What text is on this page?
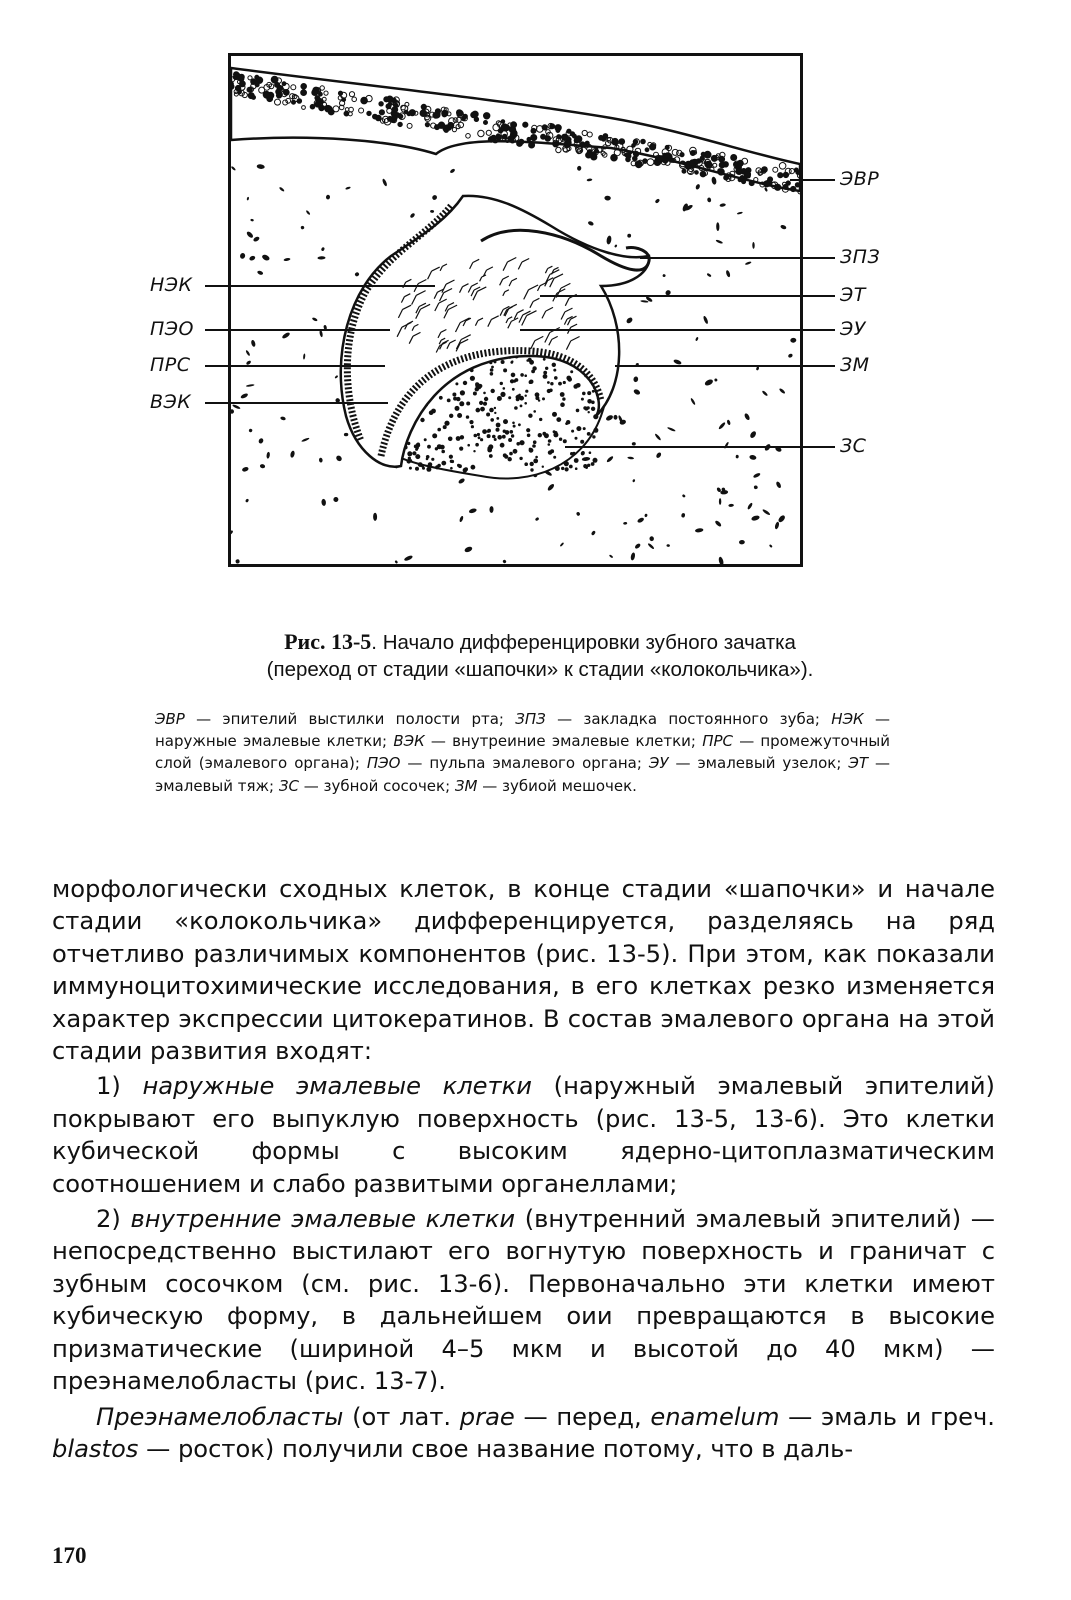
НЭК
ПЭО
ПРС
ВЭК
ЭВР
ЗПЗ
ЭТ
ЭУ
ЗМ
ЗС
Рис. 13-5. Начало дифференцировки зубного зачатка
(переход от стадии «шапочки» к стадии «колокольчика»).
ЭВР — эпителий выстилки полости рта; ЗПЗ — закладка постоянного зуба; НЭК — наружные эмалевые клетки; ВЭК — внутреиние эмалевые клетки; ПРС — промежуточный слой (эмалевого органа); ПЭО — пульпа эмалевого органа; ЭУ — эмалевый узелок; ЭТ — эмалевый тяж; ЗС — зубной сосочек; ЗМ — зубиой мешочек.

морфологически сходных клеток, в конце стадии «шапочки» и начале стадии «колокольчика» дифференцируется, разделяясь на ряд отчетливо различимых компонентов (рис. 13-5). При этом, как показали иммуноцитохимические исследования, в его клетках резко изменяется характер экспрессии цитокератинов. В состав эмалевого органа на этой стадии развития входят:

1) наружные эмалевые клетки (наружный эмалевый эпителий) покрывают его выпуклую поверхность (рис. 13-5, 13-6). Это клетки кубической формы с высоким ядерно-цитоплазматическим соотношением и слабо развитыми органеллами;

2) внутренние эмалевые клетки (внутренний эмалевый эпителий) — непосредственно выстилают его вогнутую поверхность и граничат с зубным сосочком (см. рис. 13-6). Первоначально эти клетки имеют кубическую форму, в дальнейшем оии превращаются в высокие призматические (шириной 4–5 мкм и высотой до 40 мкм) — преэнамелобласты (рис. 13-7).

Преэнамелобласты (от лат. prae — перед, enamelum — эмаль и греч. blastos — росток) получили свое название потому, что в даль-

170
